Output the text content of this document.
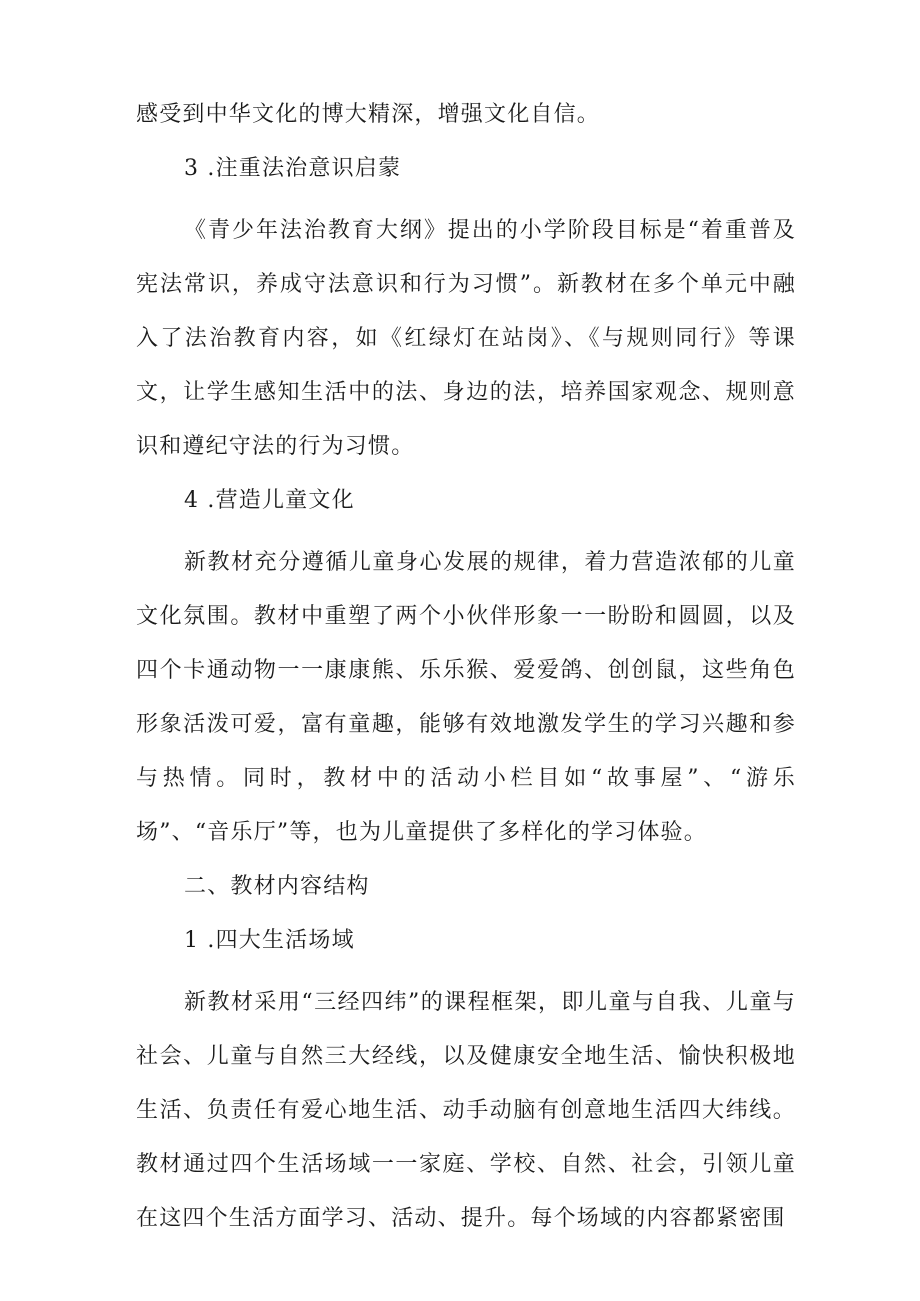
感受到中华文化的博大精深，增强文化自信。

3 .注重法治意识启蒙

《青少年法治教育大纲》提出的小学阶段目标是“着重普及宪法常识，养成守法意识和行为习惯”。新教材在多个单元中融入了法治教育内容，如《红绿灯在站岗》、《与规则同行》等课文，让学生感知生活中的法、身边的法，培养国家观念、规则意识和遵纪守法的行为习惯。

4 .营造儿童文化

新教材充分遵循儿童身心发展的规律，着力营造浓郁的儿童文化氛围。教材中重塑了两个小伙伴形象一一盼盼和圆圆，以及四个卡通动物一一康康熊、乐乐猴、爱爱鸽、创创鼠，这些角色形象活泼可爱，富有童趣，能够有效地激发学生的学习兴趣和参与热情。同时，教材中的活动小栏目如“故事屋”、“游乐场”、“音乐厅”等，也为儿童提供了多样化的学习体验。

二、教材内容结构

1 .四大生活场域

新教材采用“三经四纬”的课程框架，即儿童与自我、儿童与社会、儿童与自然三大经线，以及健康安全地生活、愉快积极地生活、负责任有爱心地生活、动手动脑有创意地生活四大纬线。教材通过四个生活场域一一家庭、学校、自然、社会，引领儿童在这四个生活方面学习、活动、提升。每个场域的内容都紧密围
